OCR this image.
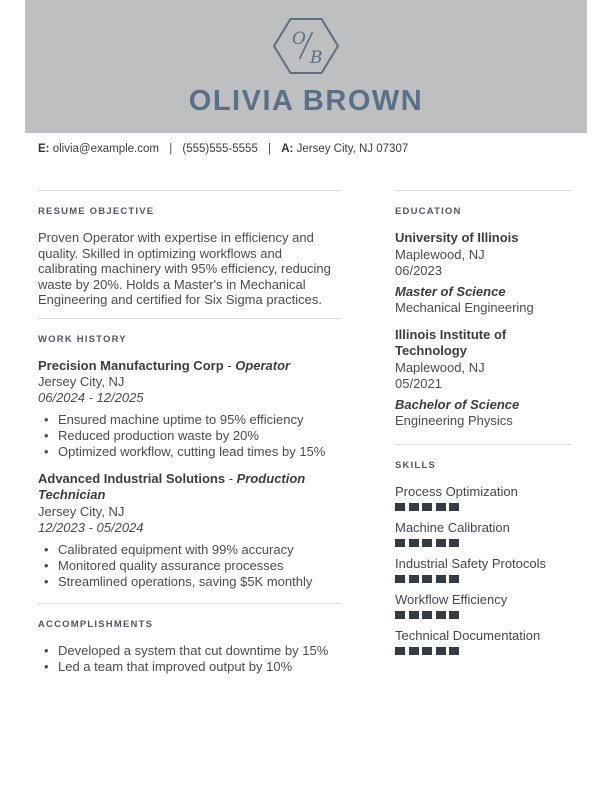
O
B
OLIVIA BROWN
E: olivia@example.com | (555)555-5555 | A: Jersey City, NJ 07307
RESUME OBJECTIVE

Proven Operator with expertise in efficiency and quality. Skilled in optimizing workflows and calibrating machinery with 95% efficiency, reducing waste by 20%. Holds a Master's in Mechanical Engineering and certified for Six Sigma practices.

WORK HISTORY
Precision Manufacturing Corp - Operator
Jersey City, NJ
06/2024 - 12/2025
• Ensured machine uptime to 95% efficiency
• Reduced production waste by 20%
• Optimized workflow, cutting lead times by 15%
Advanced Industrial Solutions - Production Technician
Jersey City, NJ
12/2023 - 05/2024
• Calibrated equipment with 99% accuracy
• Monitored quality assurance processes
• Streamlined operations, saving $5K monthly
ACCOMPLISHMENTS
• Developed a system that cut downtime by 15%
• Led a team that improved output by 10%
EDUCATION
University of Illinois
Maplewood, NJ
06/2023
Master of Science
Mechanical Engineering
Illinois Institute of Technology
Maplewood, NJ
05/2021
Bachelor of Science
Engineering Physics
SKILLS
Process Optimization
Machine Calibration
Industrial Safety Protocols
Workflow Efficiency
Technical Documentation
